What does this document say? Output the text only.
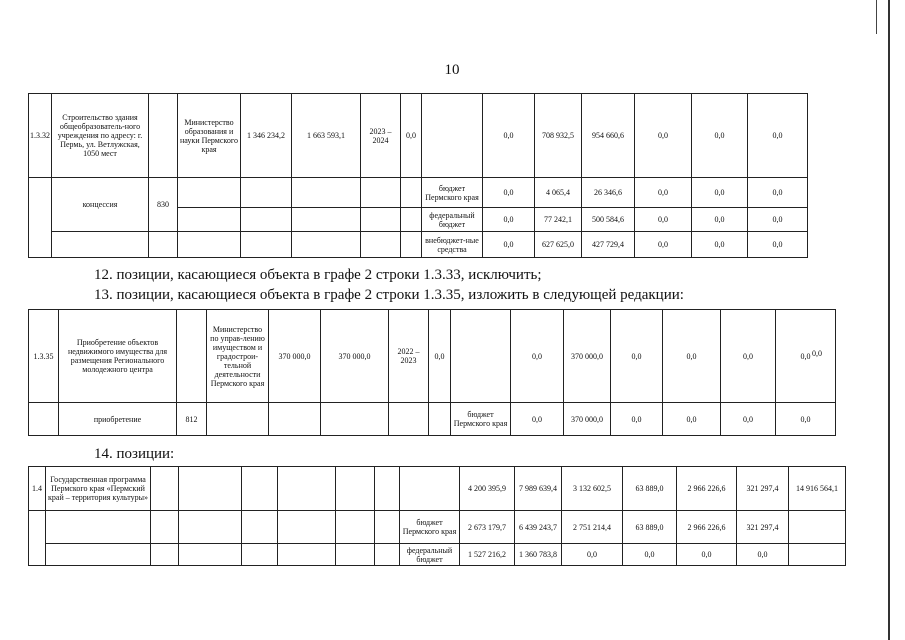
10
1.3.32	Строительство здания общеобразователь-ного учреждения по адресу: г. Пермь, ул. Ветлужская, 1050 мест		Министерство образования и науки Пермского края	1 346 234,2	1 663 593,1	2023 – 2024	0,0		0,0	708 932,5	954 660,6	0,0	0,0	0,0
	концессия	830						бюджет Пермского края	0,0	4 065,4	26 346,6	0,0	0,0	0,0
								федеральный бюджет	0,0	77 242,1	500 584,6	0,0	0,0	0,0
								внебюджет-ные средства	0,0	627 625,0	427 729,4	0,0	0,0	0,0
12. позиции, касающиеся объекта в графе 2 строки 1.3.33, исключить;
13. позиции, касающиеся объекта в графе 2 строки 1.3.35, изложить в следующей редакции:
1.3.35	Приобретение объектов недвижимого имущества для размещения Регионального молодежного центра		Министерство по управ-лению имуществом и градострои-тельной деятельности Пермского края	370 000,0	370 000,0	2022 – 2023	0,0		0,0	370 000,0	0,0	0,0	0,0	0,0
	приобретение	812						бюджет Пермского края	0,0	370 000,0	0,0	0,0	0,0	0,0
0,0
14. позиции:
1.4	Государственная программа Пермского края «Пермский край – территория культуры»								4 200 395,9	7 989 639,4	3 132 602,5	63 889,0	2 966 226,6	321 297,4	14 916 564,1
								бюджет Пермского края	2 673 179,7	6 439 243,7	2 751 214,4	63 889,0	2 966 226,6	321 297,4	
								федеральный бюджет	1 527 216,2	1 360 783,8	0,0	0,0	0,0	0,0	
